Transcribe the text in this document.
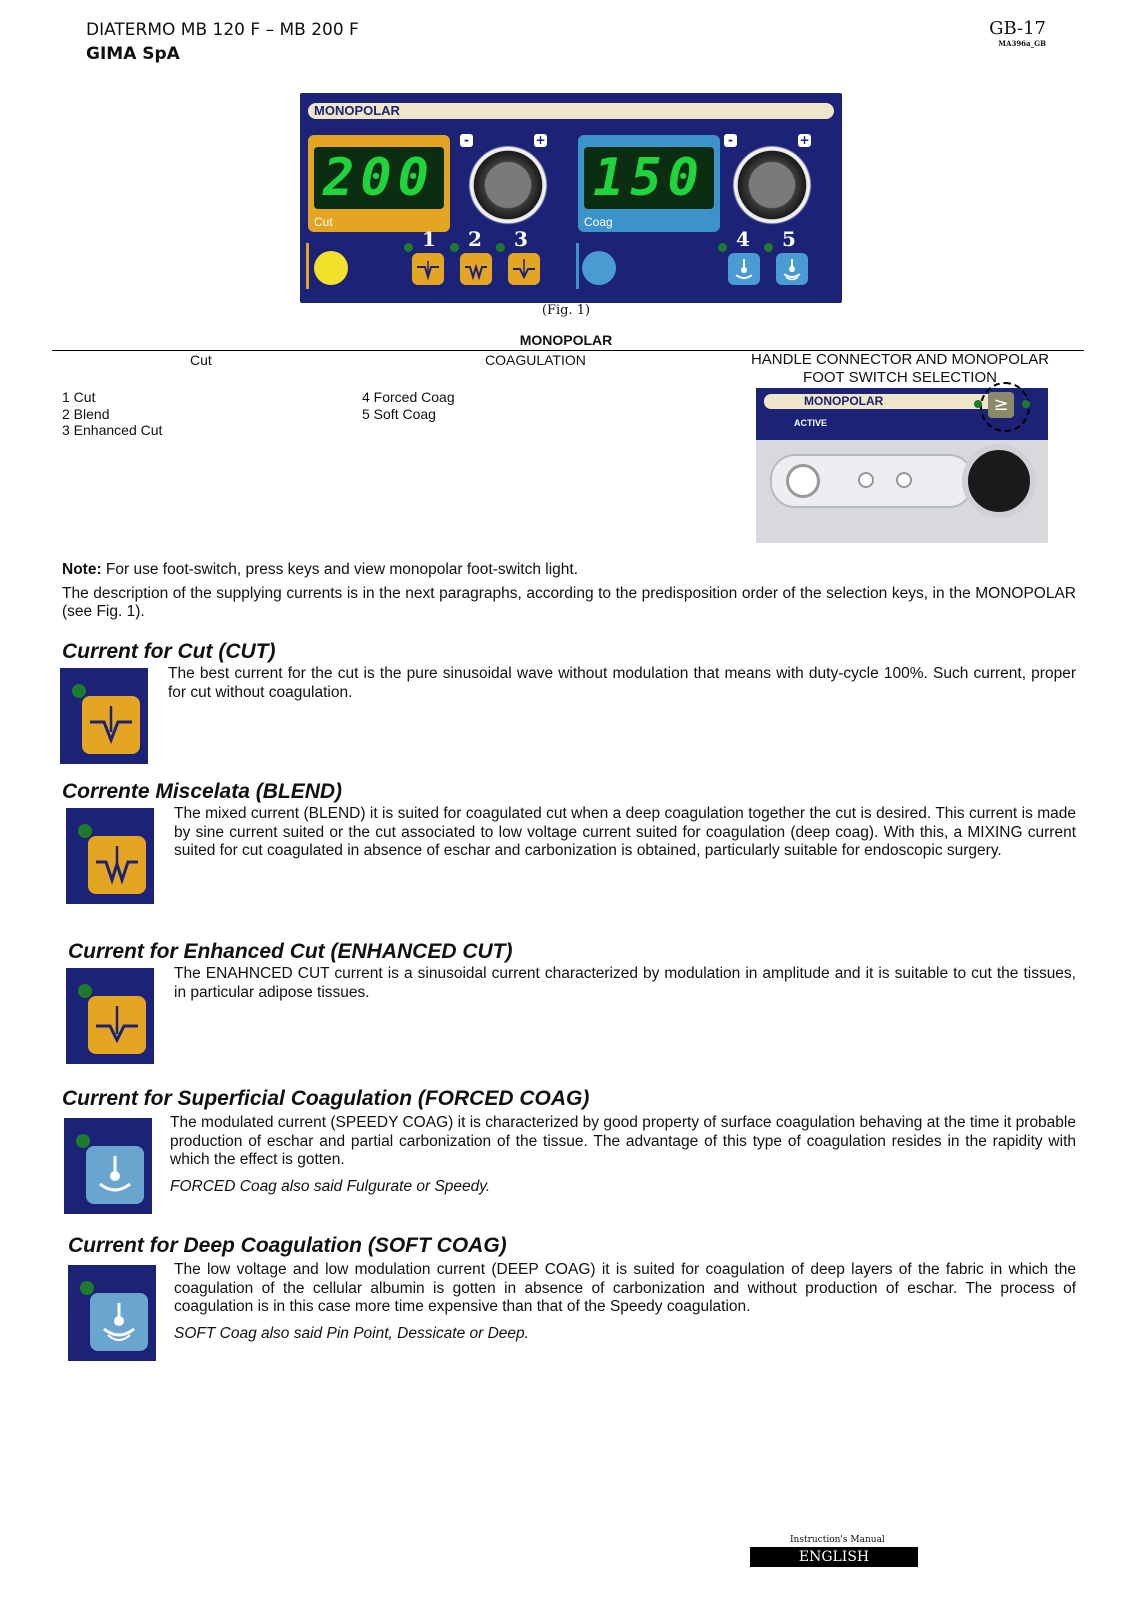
DIATERMO MB 120 F – MB 200 F
GIMA SpA
GB-17
MA396a_GB
MONOPOLAR
200
Cut
-	+
150
Coag
-	+
1 2 3	4 5
(Fig. 1)
MONOPOLAR
Cut	COAGULATION	HANDLE CONNECTOR AND MONOPOLAR
FOOT SWITCH SELECTION
1 Cut
2 Blend
3 Enhanced Cut
4 Forced Coag
5 Soft Coag
MONOPOLAR	≥
ACTIVE
Note: For use foot-switch, press keys and view monopolar foot-switch light.
The description of the supplying currents is in the next paragraphs, according to the predisposition order of the selection keys, in the MONOPOLAR (see Fig. 1).
Current for Cut (CUT)

The best current for the cut is the pure sinusoidal wave without modulation that means with duty-cycle 100%. Such current, proper for cut without coagulation.

Corrente Miscelata (BLEND)

The mixed current (BLEND) it is suited for coagulated cut when a deep coagulation together the cut is desired. This current is made by sine current suited or the cut associated to low voltage current suited for coagulation (deep coag). With this, a MIXING current suited for cut coagulated in absence of eschar and carbonization is obtained, particularly suitable for endoscopic surgery.

Current for Enhanced Cut (ENHANCED CUT)

The ENAHNCED CUT current is a sinusoidal current characterized by modulation in amplitude and it is suitable to cut the tissues, in particular adipose tissues.

Current for Superficial Coagulation (FORCED COAG)

The modulated current (SPEEDY COAG) it is characterized by good property of surface coagulation behaving at the time it probable production of eschar and partial carbonization of the tissue. The advantage of this type of coagulation resides in the rapidity with which the effect is gotten.

FORCED Coag also said Fulgurate or Speedy.

Current for Deep Coagulation (SOFT COAG)

The low voltage and low modulation current (DEEP COAG) it is suited for coagulation of deep layers of the fabric in which the coagulation of the cellular albumin is gotten in absence of carbonization and without production of eschar. The process of coagulation is in this case more time expensive than that of the Speedy coagulation.

SOFT Coag also said Pin Point, Dessicate or Deep.

Instruction's Manual
ENGLISH
